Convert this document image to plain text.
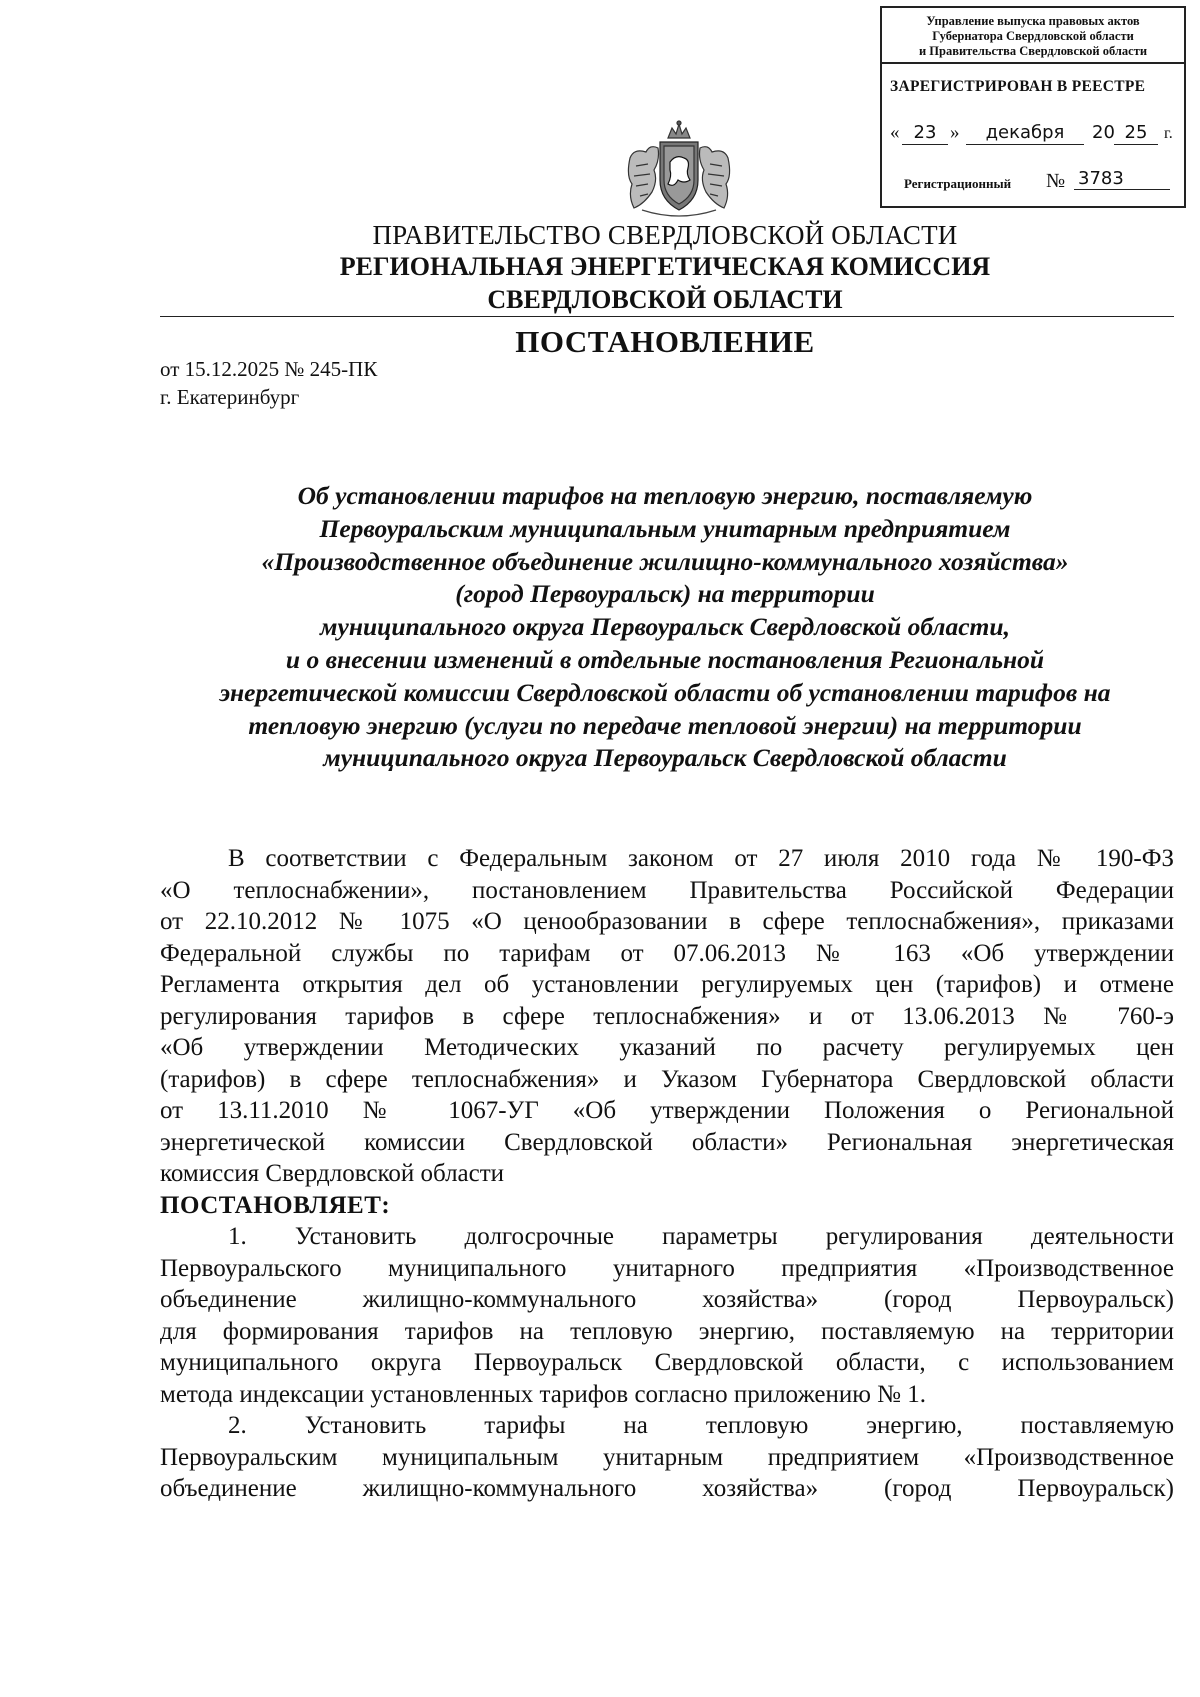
Управление выпуска правовых актов
Губернатора Свердловской области
и Правительства Свердловской области
ЗАРЕГИСТРИРОВАН В РЕЕСТРЕ
« 23 »	декабря	20 25	г.
Регистрационный № 3783
ПРАВИТЕЛЬСТВО СВЕРДЛОВСКОЙ ОБЛАСТИ
РЕГИОНАЛЬНАЯ ЭНЕРГЕТИЧЕСКАЯ КОМИССИЯ
СВЕРДЛОВСКОЙ ОБЛАСТИ
ПОСТАНОВЛЕНИЕ
от 15.12.2025 № 245-ПК
г. Екатеринбург
Об установлении тарифов на тепловую энергию, поставляемую
Первоуральским муниципальным унитарным предприятием
«Производственное объединение жилищно-коммунального хозяйства»
(город Первоуральск) на территории
муниципального округа Первоуральск Свердловской области,
и о внесении изменений в отдельные постановления Региональной
энергетической комиссии Свердловской области об установлении тарифов на
тепловую энергию (услуги по передаче тепловой энергии) на территории
муниципального округа Первоуральск Свердловской области
В соответствии с Федеральным законом от 27 июля 2010 года № 190-ФЗ
«О теплоснабжении», постановлением Правительства Российской Федерации
от 22.10.2012 № 1075 «О ценообразовании в сфере теплоснабжения», приказами
Федеральной службы по тарифам от 07.06.2013 № 163 «Об утверждении
Регламента открытия дел об установлении регулируемых цен (тарифов) и отмене
регулирования тарифов в сфере теплоснабжения» и от 13.06.2013 № 760-э
«Об утверждении Методических указаний по расчету регулируемых цен
(тарифов) в сфере теплоснабжения» и Указом Губернатора Свердловской области
от 13.11.2010 № 1067-УГ «Об утверждении Положения о Региональной
энергетической комиссии Свердловской области» Региональная энергетическая
комиссия Свердловской области
ПОСТАНОВЛЯЕТ:
1. Установить долгосрочные параметры регулирования деятельности
Первоуральского муниципального унитарного предприятия «Производственное
объединение жилищно-коммунального хозяйства» (город Первоуральск)
для формирования тарифов на тепловую энергию, поставляемую на территории
муниципального округа Первоуральск Свердловской области, с использованием
метода индексации установленных тарифов согласно приложению № 1.
2. Установить тарифы на тепловую энергию, поставляемую
Первоуральским муниципальным унитарным предприятием «Производственное
объединение жилищно-коммунального хозяйства» (город Первоуральск)
